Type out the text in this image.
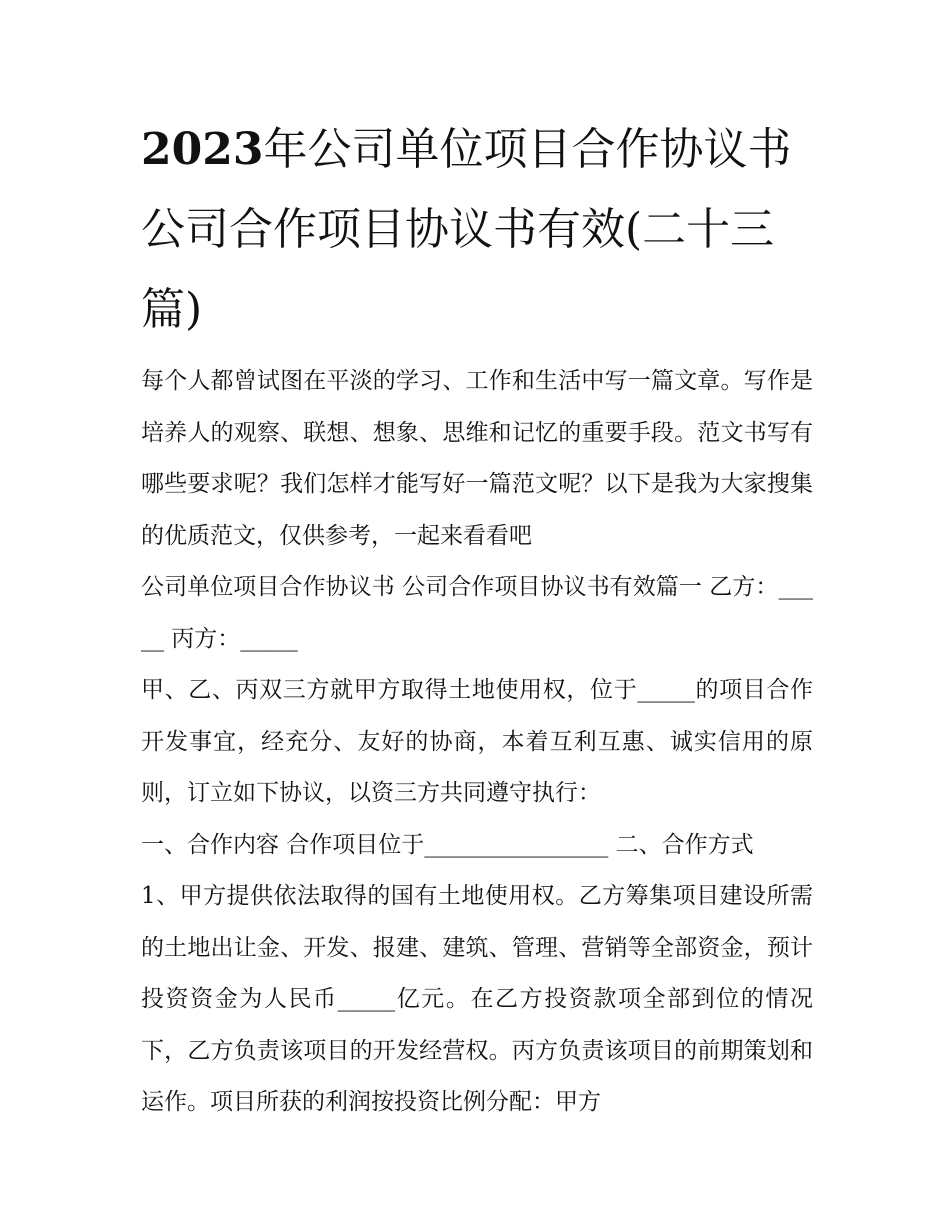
2023年公司单位项目合作协议书 公司合作项目协议书有效(二十三篇)

每个人都曾试图在平淡的学习、工作和生活中写一篇文章。写作是培养人的观察、联想、想象、思维和记忆的重要手段。范文书写有哪些要求呢？我们怎样才能写好一篇范文呢？以下是我为大家搜集的优质范文，仅供参考，一起来看看吧

公司单位项目合作协议书 公司合作项目协议书有效篇一 乙方：_____ 丙方：_____

甲、乙、丙双三方就甲方取得土地使用权，位于_____的项目合作开发事宜，经充分、友好的协商，本着互利互惠、诚实信用的原则，订立如下协议，以资三方共同遵守执行：

一、合作内容 合作项目位于________________ 二、合作方式

1、甲方提供依法取得的国有土地使用权。乙方筹集项目建设所需的土地出让金、开发、报建、建筑、管理、营销等全部资金，预计投资资金为人民币_____亿元。在乙方投资款项全部到位的情况下，乙方负责该项目的开发经营权。丙方负责该项目的前期策划和运作。项目所获的利润按投资比例分配：甲方
